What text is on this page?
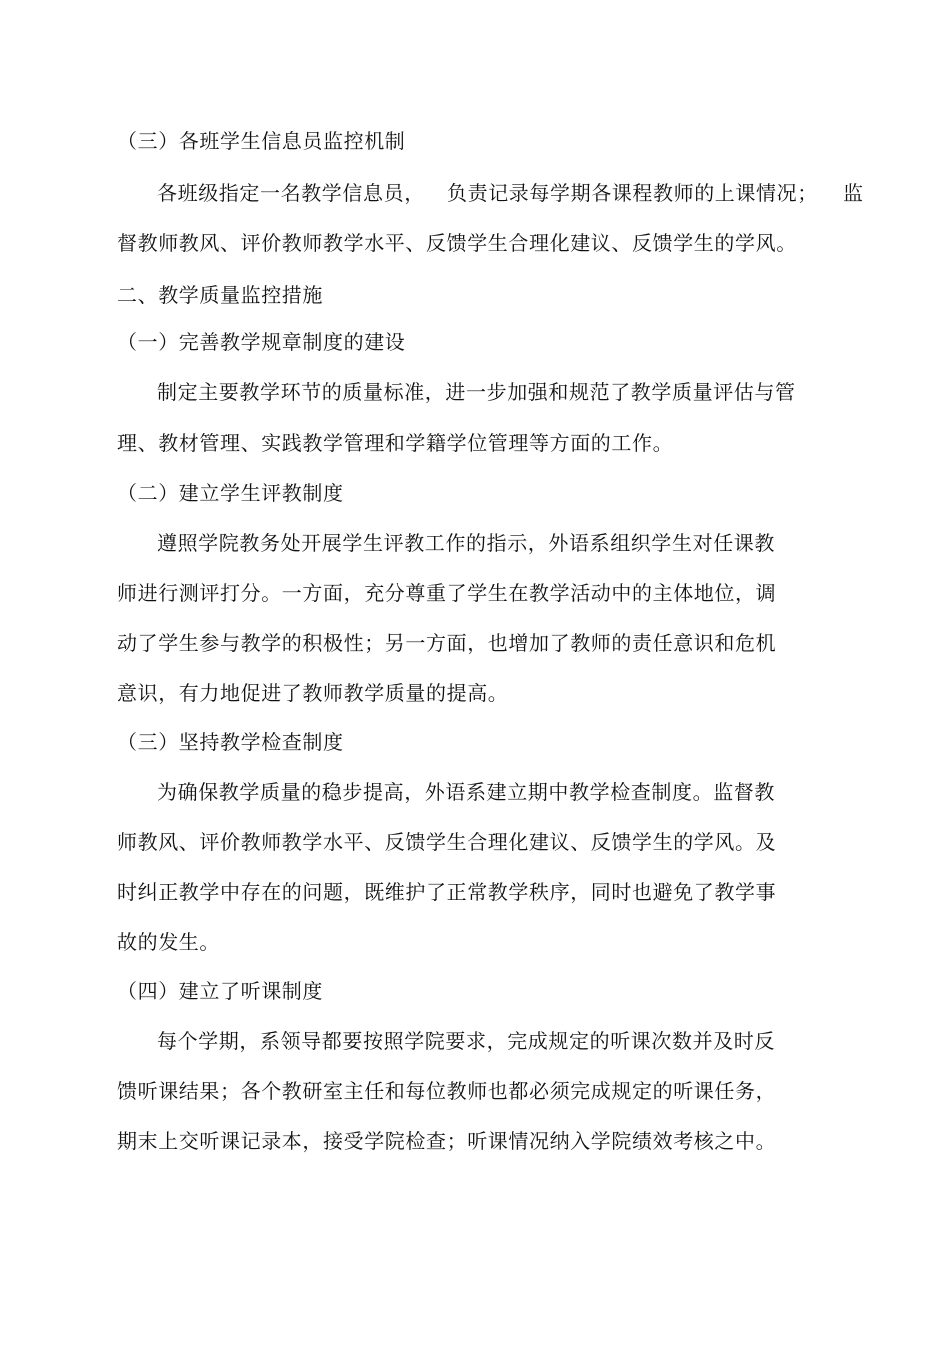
（三）各班学生信息员监控机制
各班级指定一名教学信息员， 负责记录每学期各课程教师的上课情况； 监
督教师教风、评价教师教学水平、反馈学生合理化建议、反馈学生的学风。
二、教学质量监控措施
（一）完善教学规章制度的建设
制定主要教学环节的质量标准，进一步加强和规范了教学质量评估与管
理、教材管理、实践教学管理和学籍学位管理等方面的工作。
（二）建立学生评教制度
遵照学院教务处开展学生评教工作的指示，外语系组织学生对任课教
师进行测评打分。一方面，充分尊重了学生在教学活动中的主体地位，调
动了学生参与教学的积极性；另一方面，也增加了教师的责任意识和危机
意识，有力地促进了教师教学质量的提高。
（三）坚持教学检查制度
为确保教学质量的稳步提高，外语系建立期中教学检查制度。监督教
师教风、评价教师教学水平、反馈学生合理化建议、反馈学生的学风。及
时纠正教学中存在的问题，既维护了正常教学秩序，同时也避免了教学事
故的发生。
（四）建立了听课制度
每个学期，系领导都要按照学院要求，完成规定的听课次数并及时反
馈听课结果；各个教研室主任和每位教师也都必须完成规定的听课任务，
期末上交听课记录本，接受学院检查；听课情况纳入学院绩效考核之中。
